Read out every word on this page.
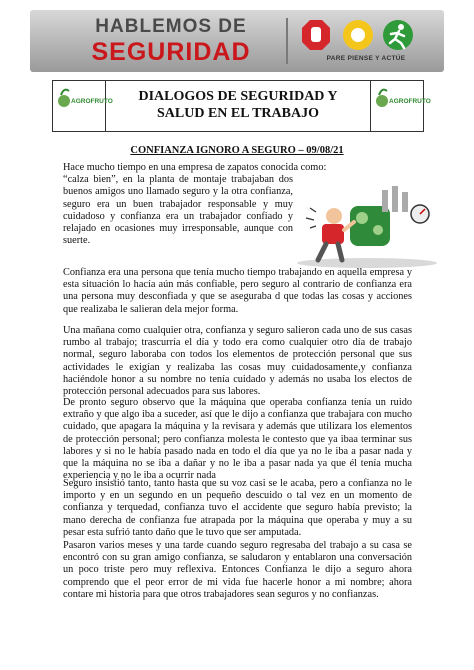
HABLEMOS DE
SEGURIDAD	PARE PIENSE Y ACTÚE
AGROFRUTO	DIALOGOS DE SEGURIDAD Y
SALUD EN EL TRABAJO
AGROFRUTO
CONFIANZA IGNORO A SEGURO – 09/08/21
Hace mucho tiempo en una empresa de zapatos conocida como:
“calza bien”, en la planta de montaje trabajaban dos buenos amigos uno llamado seguro y la otra confianza, seguro era un buen trabajador responsable y muy cuidadoso y confianza era un trabajador confiado y relajado en ocasiones muy irresponsable, aunque con suerte.

Confianza era una persona que tenía mucho tiempo trabajando en aquella empresa y esta situación lo hacía aún más confiable, pero seguro al contrario de confianza era una persona muy desconfiada y que se aseguraba d que todas las cosas y acciones que realizaba le salieran dela mejor forma.

Una mañana como cualquier otra, confianza y seguro salieron cada uno de sus casas rumbo al trabajo; trascurría el día y todo era como cualquier otro día de trabajo normal, seguro laboraba con todos los elementos de protección personal que sus actividades le exigían y realizaba las cosas muy cuidadosamente,y confianza haciéndole honor a su nombre no tenía cuidado y además no usaba los electos de protección personal adecuados para sus labores.

De pronto seguro observo que la máquina que operaba confianza tenía un ruido extraño y que algo iba a suceder, así que le dijo a confianza que trabajara con mucho cuidado, que apagara la máquina y la revisara y además que utilizara los elementos de protección personal; pero confianza molesta le contesto que ya ibaa terminar sus labores y si no le había pasado nada en todo el día que ya no le iba a pasar nada y que la máquina no se iba a dañar y no le iba a pasar nada ya que él tenía mucha experiencia y no le iba a ocurrir nada

Seguro insistió tanto, tanto hasta que su voz casi se le acaba, pero a confianza no le importo y en un segundo en un pequeño descuido o tal vez en un momento de confianza y terquedad, confianza tuvo el accidente que seguro había previsto; la mano derecha de confianza fue atrapada por la máquina que operaba y muy a su pesar esta sufrió tanto daño que le tuvo que ser amputada.

Pasaron varios meses y una tarde cuando seguro regresaba del trabajo a su casa se encontró con su gran amigo confianza, se saludaron y entablaron una conversación un poco triste pero muy reflexiva. Entonces Confianza le dijo a seguro ahora comprendo que el peor error de mi vida fue hacerle honor a mi nombre; ahora contare mi historia para que otros trabajadores sean seguros y no confianzas.
